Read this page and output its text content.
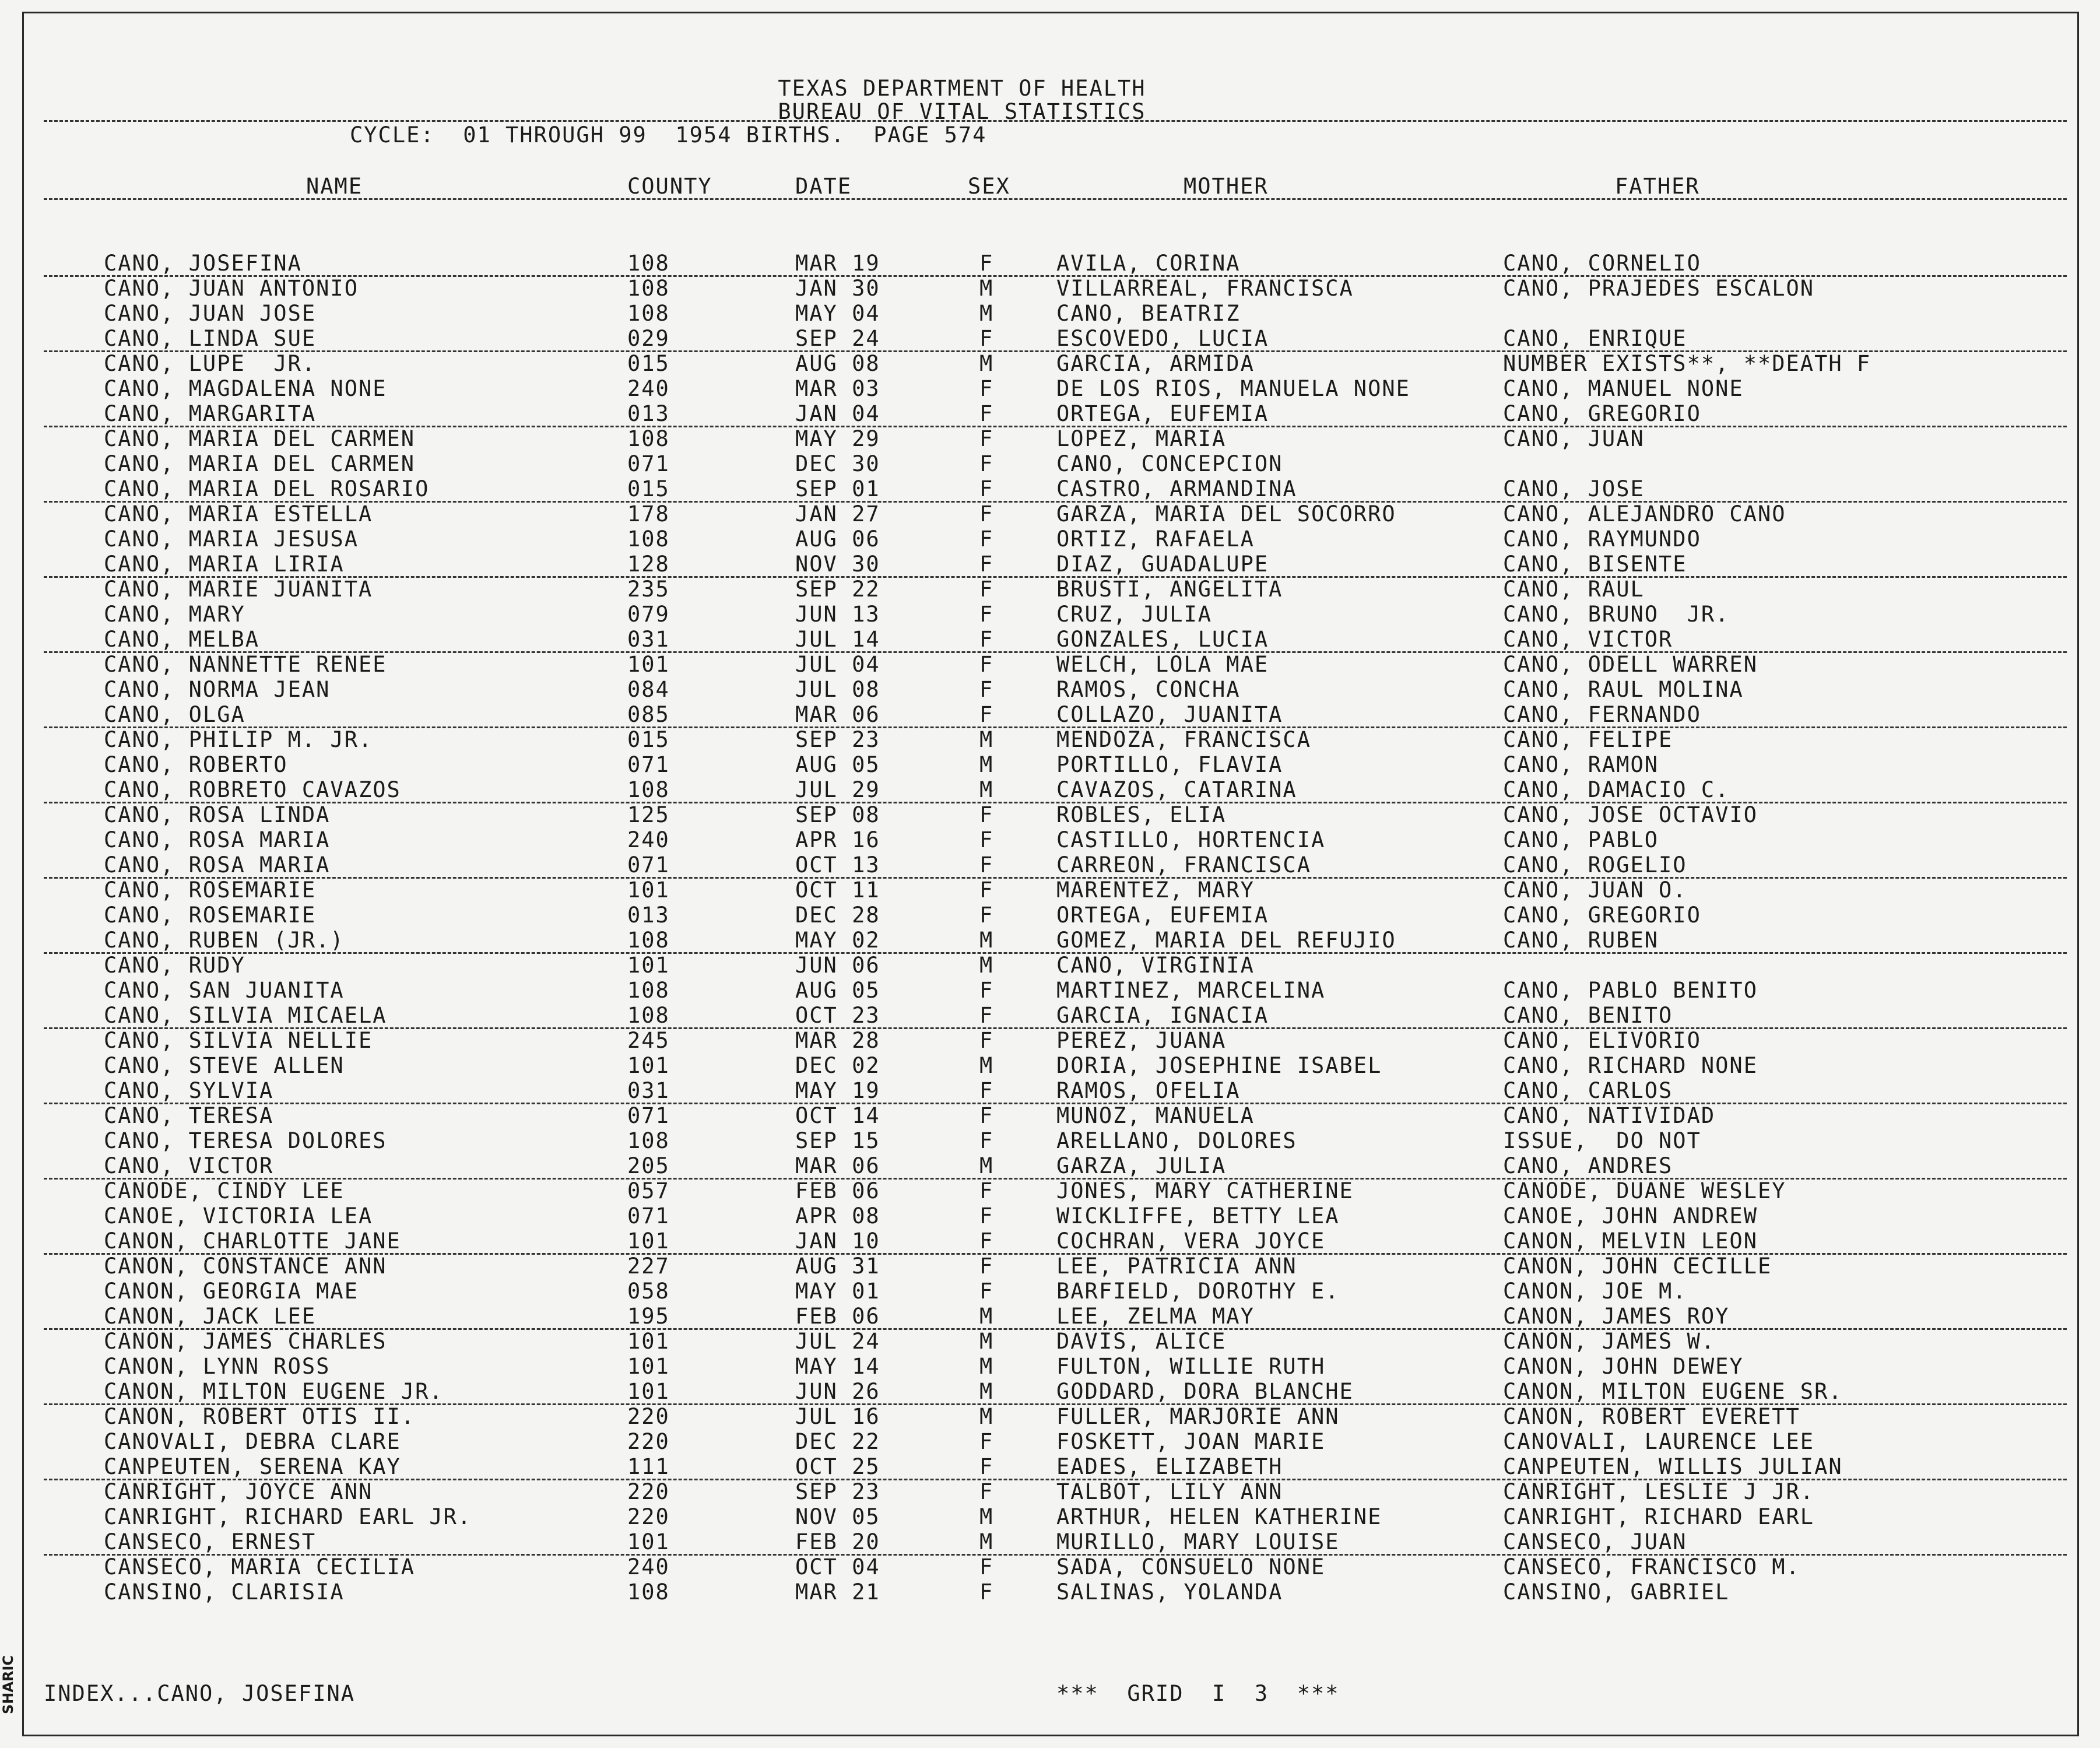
TEXAS DEPARTMENT OF HEALTH
BUREAU OF VITAL STATISTICS
CYCLE:  01 THROUGH 99  1954 BIRTHS.  PAGE 574
NAME	COUNTY	DATE	SEX	MOTHER	FATHER
CANO, JOSEFINA	108	MAR 19	F	AVILA, CORINA	CANO, CORNELIO
CANO, JUAN ANTONIO	108	JAN 30	M	VILLARREAL, FRANCISCA	CANO, PRAJEDES ESCALON
CANO, JUAN JOSE	108	MAY 04	M	CANO, BEATRIZ
CANO, LINDA SUE	029	SEP 24	F	ESCOVEDO, LUCIA	CANO, ENRIQUE
CANO, LUPE  JR.	015	AUG 08	M	GARCIA, ARMIDA	NUMBER EXISTS**, **DEATH F
CANO, MAGDALENA NONE	240	MAR 03	F	DE LOS RIOS, MANUELA NONE	CANO, MANUEL NONE
CANO, MARGARITA	013	JAN 04	F	ORTEGA, EUFEMIA	CANO, GREGORIO
CANO, MARIA DEL CARMEN	108	MAY 29	F	LOPEZ, MARIA	CANO, JUAN
CANO, MARIA DEL CARMEN	071	DEC 30	F	CANO, CONCEPCION
CANO, MARIA DEL ROSARIO	015	SEP 01	F	CASTRO, ARMANDINA	CANO, JOSE
CANO, MARIA ESTELLA	178	JAN 27	F	GARZA, MARIA DEL SOCORRO	CANO, ALEJANDRO CANO
CANO, MARIA JESUSA	108	AUG 06	F	ORTIZ, RAFAELA	CANO, RAYMUNDO
CANO, MARIA LIRIA	128	NOV 30	F	DIAZ, GUADALUPE	CANO, BISENTE
CANO, MARIE JUANITA	235	SEP 22	F	BRUSTI, ANGELITA	CANO, RAUL
CANO, MARY	079	JUN 13	F	CRUZ, JULIA	CANO, BRUNO  JR.
CANO, MELBA	031	JUL 14	F	GONZALES, LUCIA	CANO, VICTOR
CANO, NANNETTE RENEE	101	JUL 04	F	WELCH, LOLA MAE	CANO, ODELL WARREN
CANO, NORMA JEAN	084	JUL 08	F	RAMOS, CONCHA	CANO, RAUL MOLINA
CANO, OLGA	085	MAR 06	F	COLLAZO, JUANITA	CANO, FERNANDO
CANO, PHILIP M. JR.	015	SEP 23	M	MENDOZA, FRANCISCA	CANO, FELIPE
CANO, ROBERTO	071	AUG 05	M	PORTILLO, FLAVIA	CANO, RAMON
CANO, ROBRETO CAVAZOS	108	JUL 29	M	CAVAZOS, CATARINA	CANO, DAMACIO C.
CANO, ROSA LINDA	125	SEP 08	F	ROBLES, ELIA	CANO, JOSE OCTAVIO
CANO, ROSA MARIA	240	APR 16	F	CASTILLO, HORTENCIA	CANO, PABLO
CANO, ROSA MARIA	071	OCT 13	F	CARREON, FRANCISCA	CANO, ROGELIO
CANO, ROSEMARIE	101	OCT 11	F	MARENTEZ, MARY	CANO, JUAN O.
CANO, ROSEMARIE	013	DEC 28	F	ORTEGA, EUFEMIA	CANO, GREGORIO
CANO, RUBEN (JR.)	108	MAY 02	M	GOMEZ, MARIA DEL REFUJIO	CANO, RUBEN
CANO, RUDY	101	JUN 06	M	CANO, VIRGINIA
CANO, SAN JUANITA	108	AUG 05	F	MARTINEZ, MARCELINA	CANO, PABLO BENITO
CANO, SILVIA MICAELA	108	OCT 23	F	GARCIA, IGNACIA	CANO, BENITO
CANO, SILVIA NELLIE	245	MAR 28	F	PEREZ, JUANA	CANO, ELIVORIO
CANO, STEVE ALLEN	101	DEC 02	M	DORIA, JOSEPHINE ISABEL	CANO, RICHARD NONE
CANO, SYLVIA	031	MAY 19	F	RAMOS, OFELIA	CANO, CARLOS
CANO, TERESA	071	OCT 14	F	MUNOZ, MANUELA	CANO, NATIVIDAD
CANO, TERESA DOLORES	108	SEP 15	F	ARELLANO, DOLORES	ISSUE,  DO NOT
CANO, VICTOR	205	MAR 06	M	GARZA, JULIA	CANO, ANDRES
CANODE, CINDY LEE	057	FEB 06	F	JONES, MARY CATHERINE	CANODE, DUANE WESLEY
CANOE, VICTORIA LEA	071	APR 08	F	WICKLIFFE, BETTY LEA	CANOE, JOHN ANDREW
CANON, CHARLOTTE JANE	101	JAN 10	F	COCHRAN, VERA JOYCE	CANON, MELVIN LEON
CANON, CONSTANCE ANN	227	AUG 31	F	LEE, PATRICIA ANN	CANON, JOHN CECILLE
CANON, GEORGIA MAE	058	MAY 01	F	BARFIELD, DOROTHY E.	CANON, JOE M.
CANON, JACK LEE	195	FEB 06	M	LEE, ZELMA MAY	CANON, JAMES ROY
CANON, JAMES CHARLES	101	JUL 24	M	DAVIS, ALICE	CANON, JAMES W.
CANON, LYNN ROSS	101	MAY 14	M	FULTON, WILLIE RUTH	CANON, JOHN DEWEY
CANON, MILTON EUGENE JR.	101	JUN 26	M	GODDARD, DORA BLANCHE	CANON, MILTON EUGENE SR.
CANON, ROBERT OTIS II.	220	JUL 16	M	FULLER, MARJORIE ANN	CANON, ROBERT EVERETT
CANOVALI, DEBRA CLARE	220	DEC 22	F	FOSKETT, JOAN MARIE	CANOVALI, LAURENCE LEE
CANPEUTEN, SERENA KAY	111	OCT 25	F	EADES, ELIZABETH	CANPEUTEN, WILLIS JULIAN
CANRIGHT, JOYCE ANN	220	SEP 23	F	TALBOT, LILY ANN	CANRIGHT, LESLIE J JR.
CANRIGHT, RICHARD EARL JR.	220	NOV 05	M	ARTHUR, HELEN KATHERINE	CANRIGHT, RICHARD EARL
CANSECO, ERNEST	101	FEB 20	M	MURILLO, MARY LOUISE	CANSECO, JUAN
CANSECO, MARIA CECILIA	240	OCT 04	F	SADA, CONSUELO NONE	CANSECO, FRANCISCO M.
CANSINO, CLARISIA	108	MAR 21	F	SALINAS, YOLANDA	CANSINO, GABRIEL
INDEX...CANO, JOSEFINA	***  GRID  I  3  ***
SHARIC
